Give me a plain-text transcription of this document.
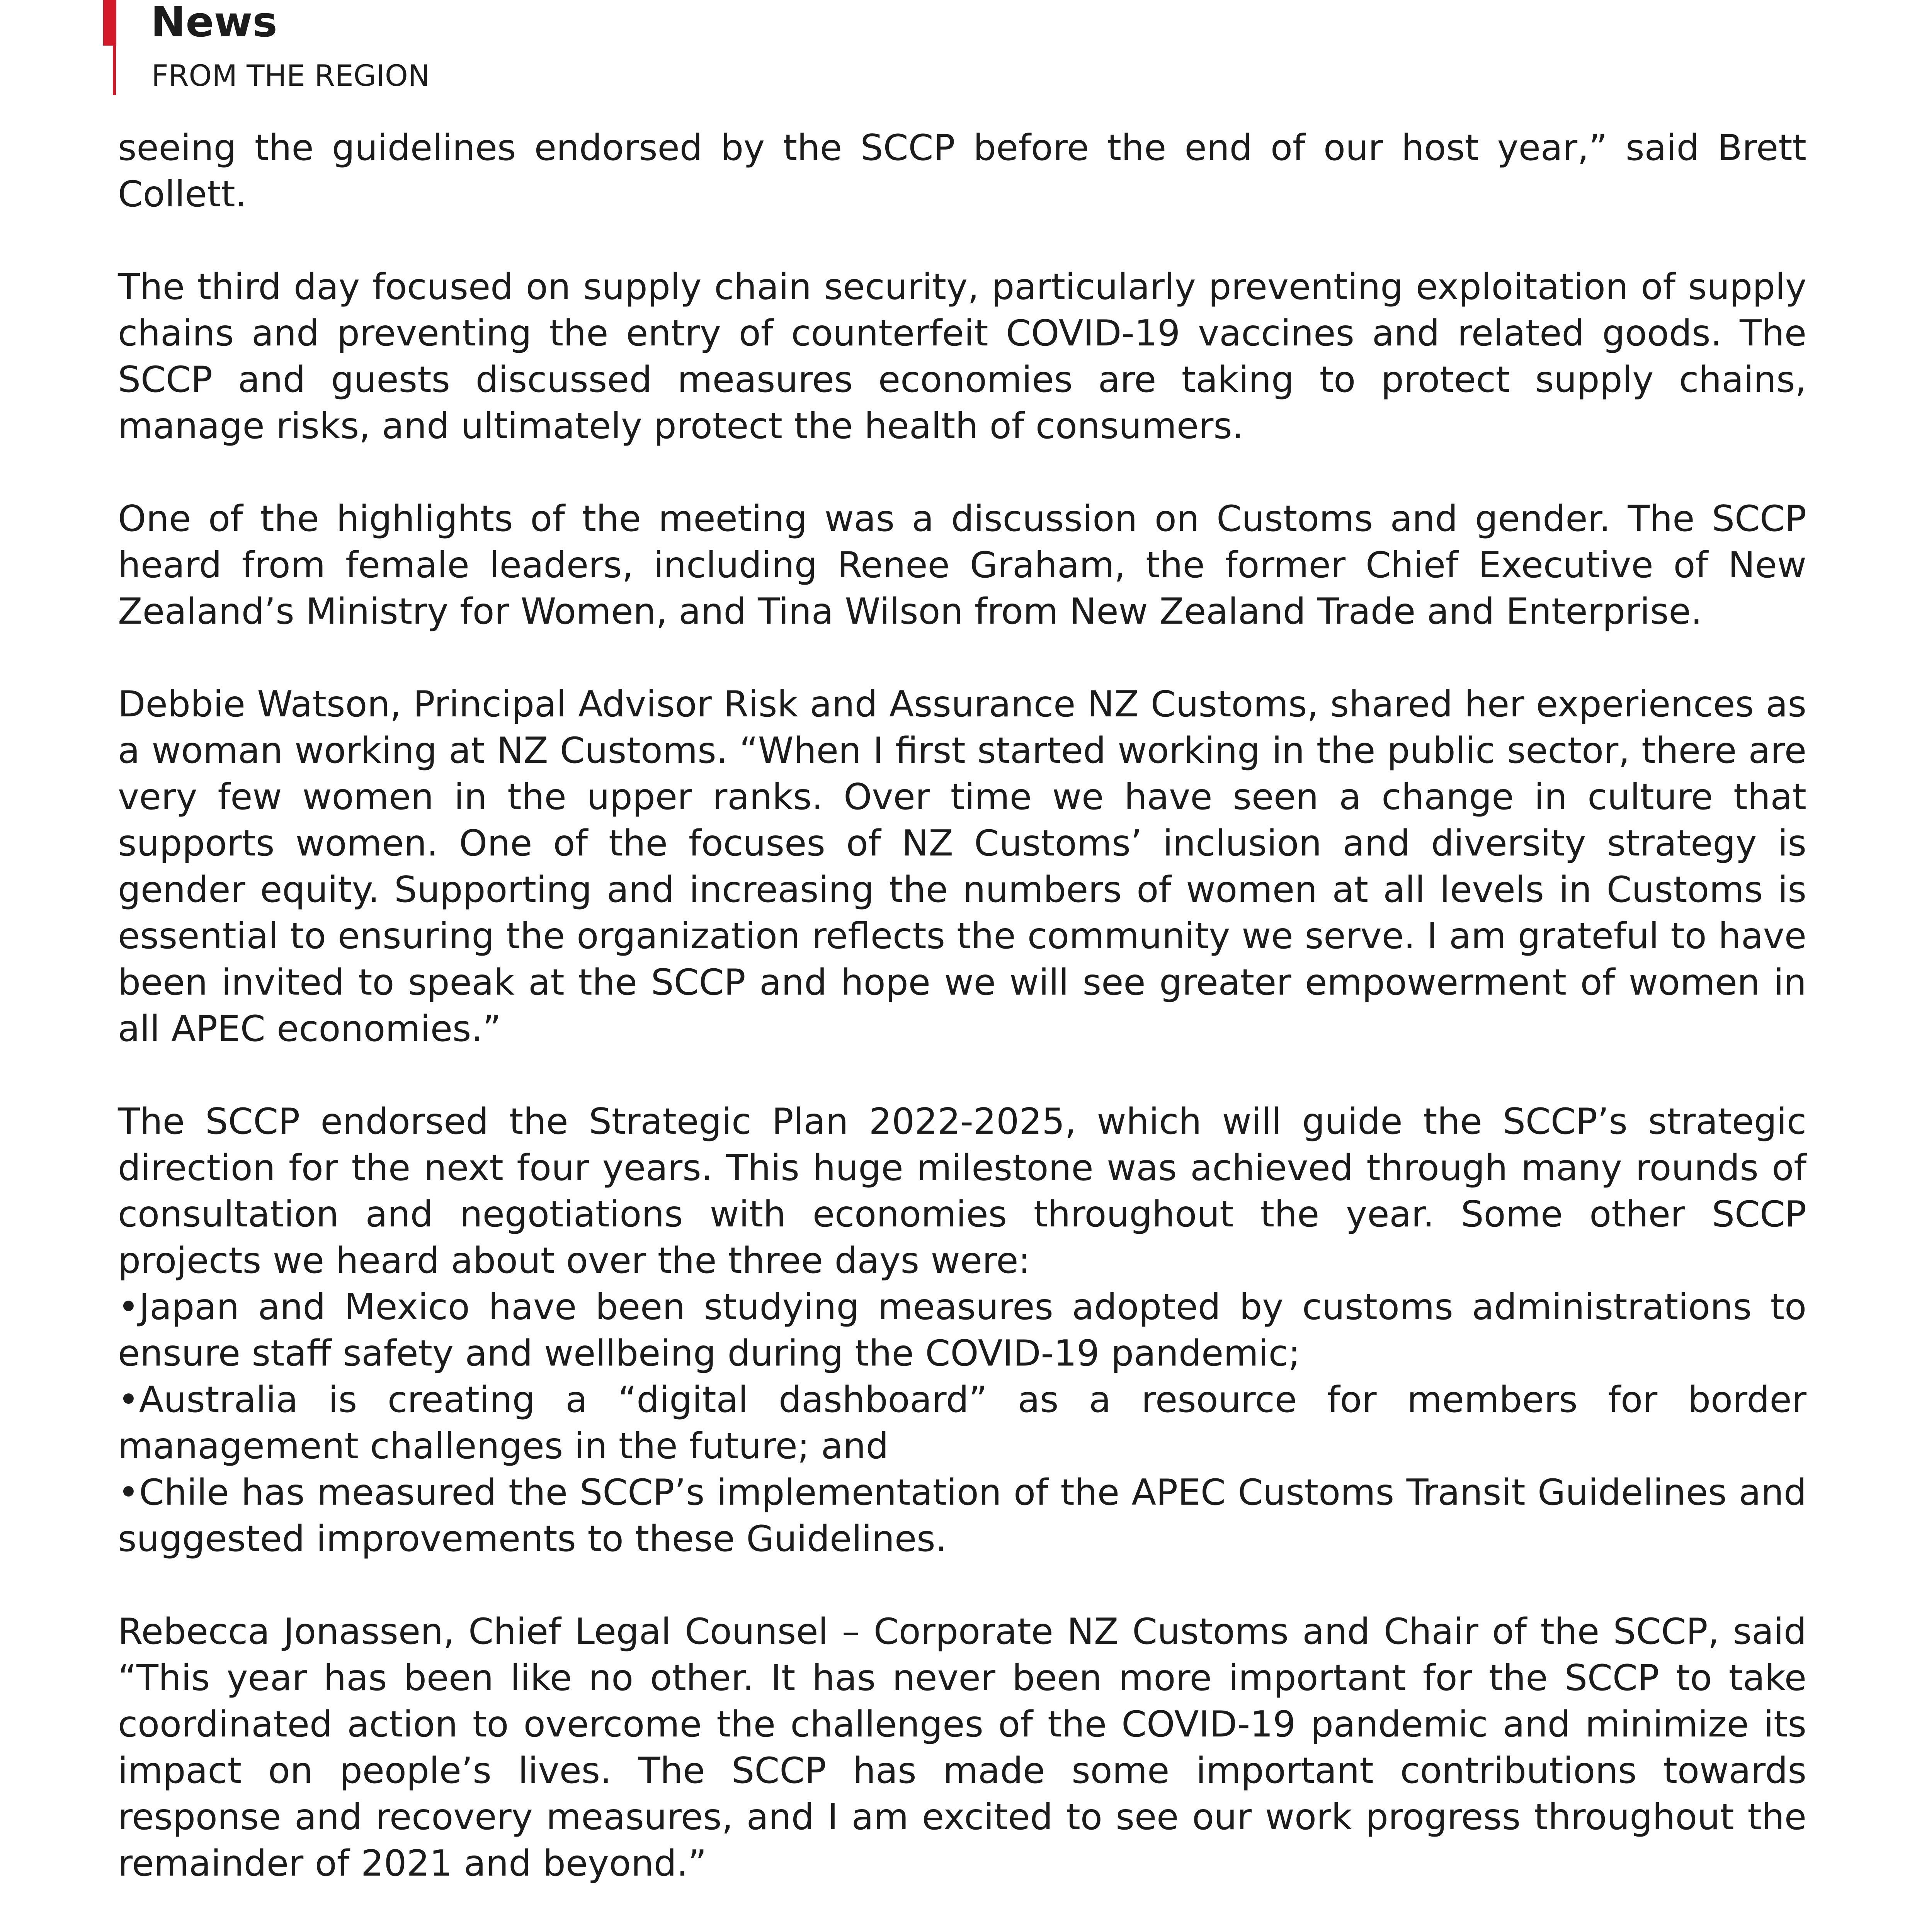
News
FROM THE REGION

seeing the guidelines endorsed by the SCCP before the end of our host year,” said Brett Collett.

The third day focused on supply chain security, particularly preventing exploitation of supply chains and preventing the entry of counterfeit COVID-19 vaccines and related goods. The SCCP and guests discussed measures economies are taking to protect supply chains, manage risks, and ultimately protect the health of consumers.

One of the highlights of the meeting was a discussion on Customs and gender. The SCCP heard from female leaders, including Renee Graham, the former Chief Executive of New Zealand’s Ministry for Women, and Tina Wilson from New Zealand Trade and Enterprise.

Debbie Watson, Principal Advisor Risk and Assurance NZ Customs, shared her experiences as a woman working at NZ Customs. “When I first started working in the public sector, there are very few women in the upper ranks. Over time we have seen a change in culture that supports women. One of the focuses of NZ Customs’ inclusion and diversity strategy is gender equity. Supporting and increasing the numbers of women at all levels in Customs is essential to ensuring the organization reflects the community we serve. I am grateful to have been invited to speak at the SCCP and hope we will see greater empowerment of women in all APEC economies.”

The SCCP endorsed the Strategic Plan 2022-2025, which will guide the SCCP’s strategic direction for the next four years. This huge milestone was achieved through many rounds of consultation and negotiations with economies throughout the year. Some other SCCP projects we heard about over the three days were:

•Japan and Mexico have been studying measures adopted by customs administrations to ensure staff safety and wellbeing during the COVID-19 pandemic;

•Australia is creating a “digital dashboard” as a resource for members for border management challenges in the future; and

•Chile has measured the SCCP’s implementation of the APEC Customs Transit Guidelines and suggested improvements to these Guidelines.

Rebecca Jonassen, Chief Legal Counsel – Corporate NZ Customs and Chair of the SCCP, said “This year has been like no other. It has never been more important for the SCCP to take coordinated action to overcome the challenges of the COVID-19 pandemic and minimize its impact on people’s lives. The SCCP has made some important contributions towards response and recovery measures, and I am excited to see our work progress throughout the remainder of 2021 and beyond.”
